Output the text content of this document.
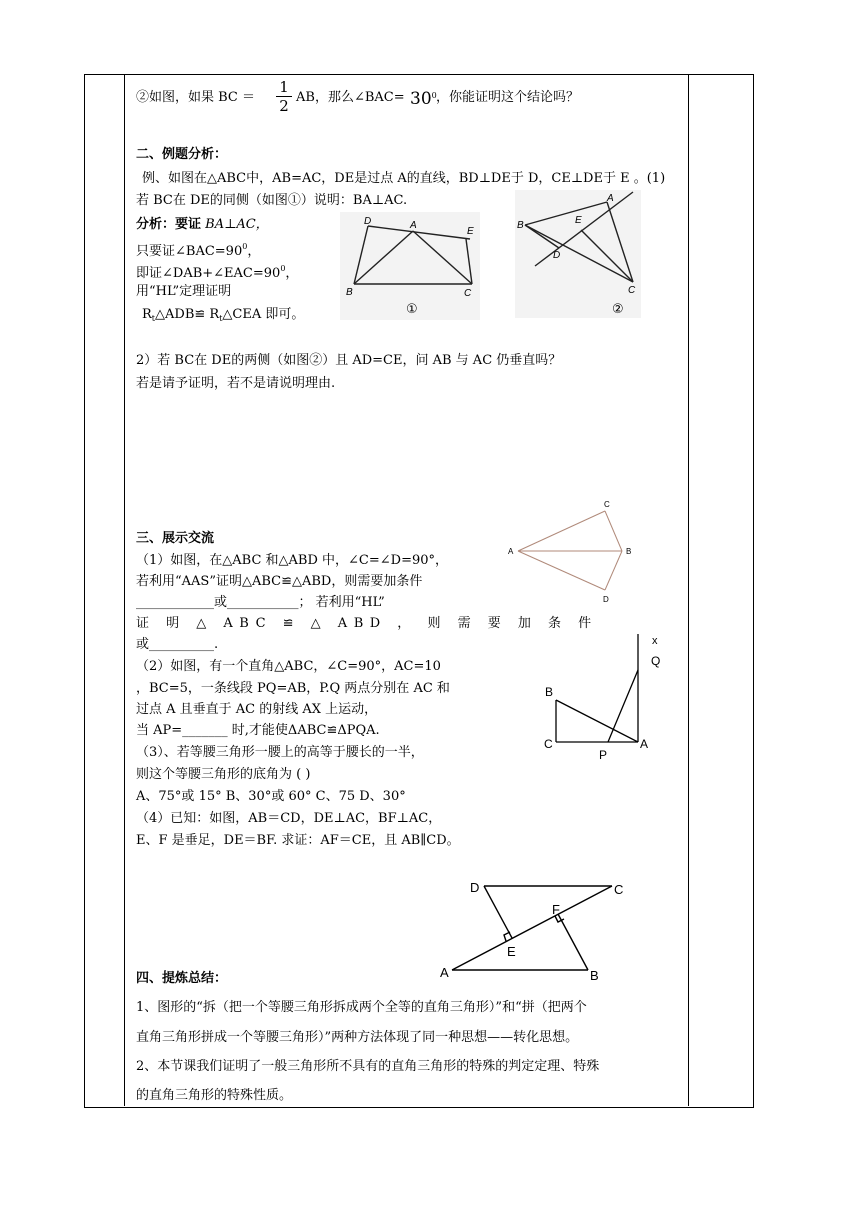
②如图，如果 BC ＝
1
2 AB，那么∠BAC= $30^0$ ，你能证明这个结论吗？
二、例题分析：
例、如图在△ABC中，AB=AC，DE是过点 A的直线，BD⊥DE于 D，CE⊥DE于 E 。(1)
若 BC在 DE的同侧（如图①）说明：BA⊥AC.
分析：要证 BA⊥AC，
只要证$\angle BAC=90^0$，
即证$\angle DAB+\angle EAC=90^0$，
用“HL”定理证明
$R_t\triangle ADB≌$ $R_t\triangle CEA$ 即可。
D	A
E
B	C
①
A
B	E
D
C
②
2）若 BC在 DE的两侧（如图②）且 AD=CE，问 AB 与 AC 仍垂直吗？
若是请予证明，若不是请说明理由.
三、展示交流
（1）如图，在△ABC 和△ABD 中，∠C=∠D=90°，
若利用“AAS”证明△ABC≌△ABD，则需要加条件
____________或___________； 若利用“HL”
证 明 △ ABC ≌ △ ABD ， 则 需 要 加 条 件
或__________.
（2）如图，有一个直角△ABC，∠C=90°，AC=10
，BC=5，一条线段 PQ=AB，P.Q 两点分别在 AC 和
过点 A 且垂直于 AC 的射线 AX 上运动，
当 AP=_______ 时,才能使ΔABC≌ΔPQA.
（3）、若等腰三角形一腰上的高等于腰长的一半，
则这个等腰三角形的底角为 ( )
A、75°或 15° B、30°或 60° C、75 D、30°
（4）已知：如图，AB＝CD，DE⊥AC，BF⊥AC，
E、F 是垂足，DE＝BF. 求证：AF＝CE，且 AB∥CD。
C
A	B
D
x
Q
B
C
P
A
D	C
F
E
A	B
四、提炼总结：
1、图形的“拆（把一个等腰三角形拆成两个全等的直角三角形）”和“拼（把两个
直角三角形拼成一个等腰三角形）”两种方法体现了同一种思想——转化思想。
2、本节课我们证明了一般三角形所不具有的直角三角形的特殊的判定定理、特殊
的直角三角形的特殊性质。
